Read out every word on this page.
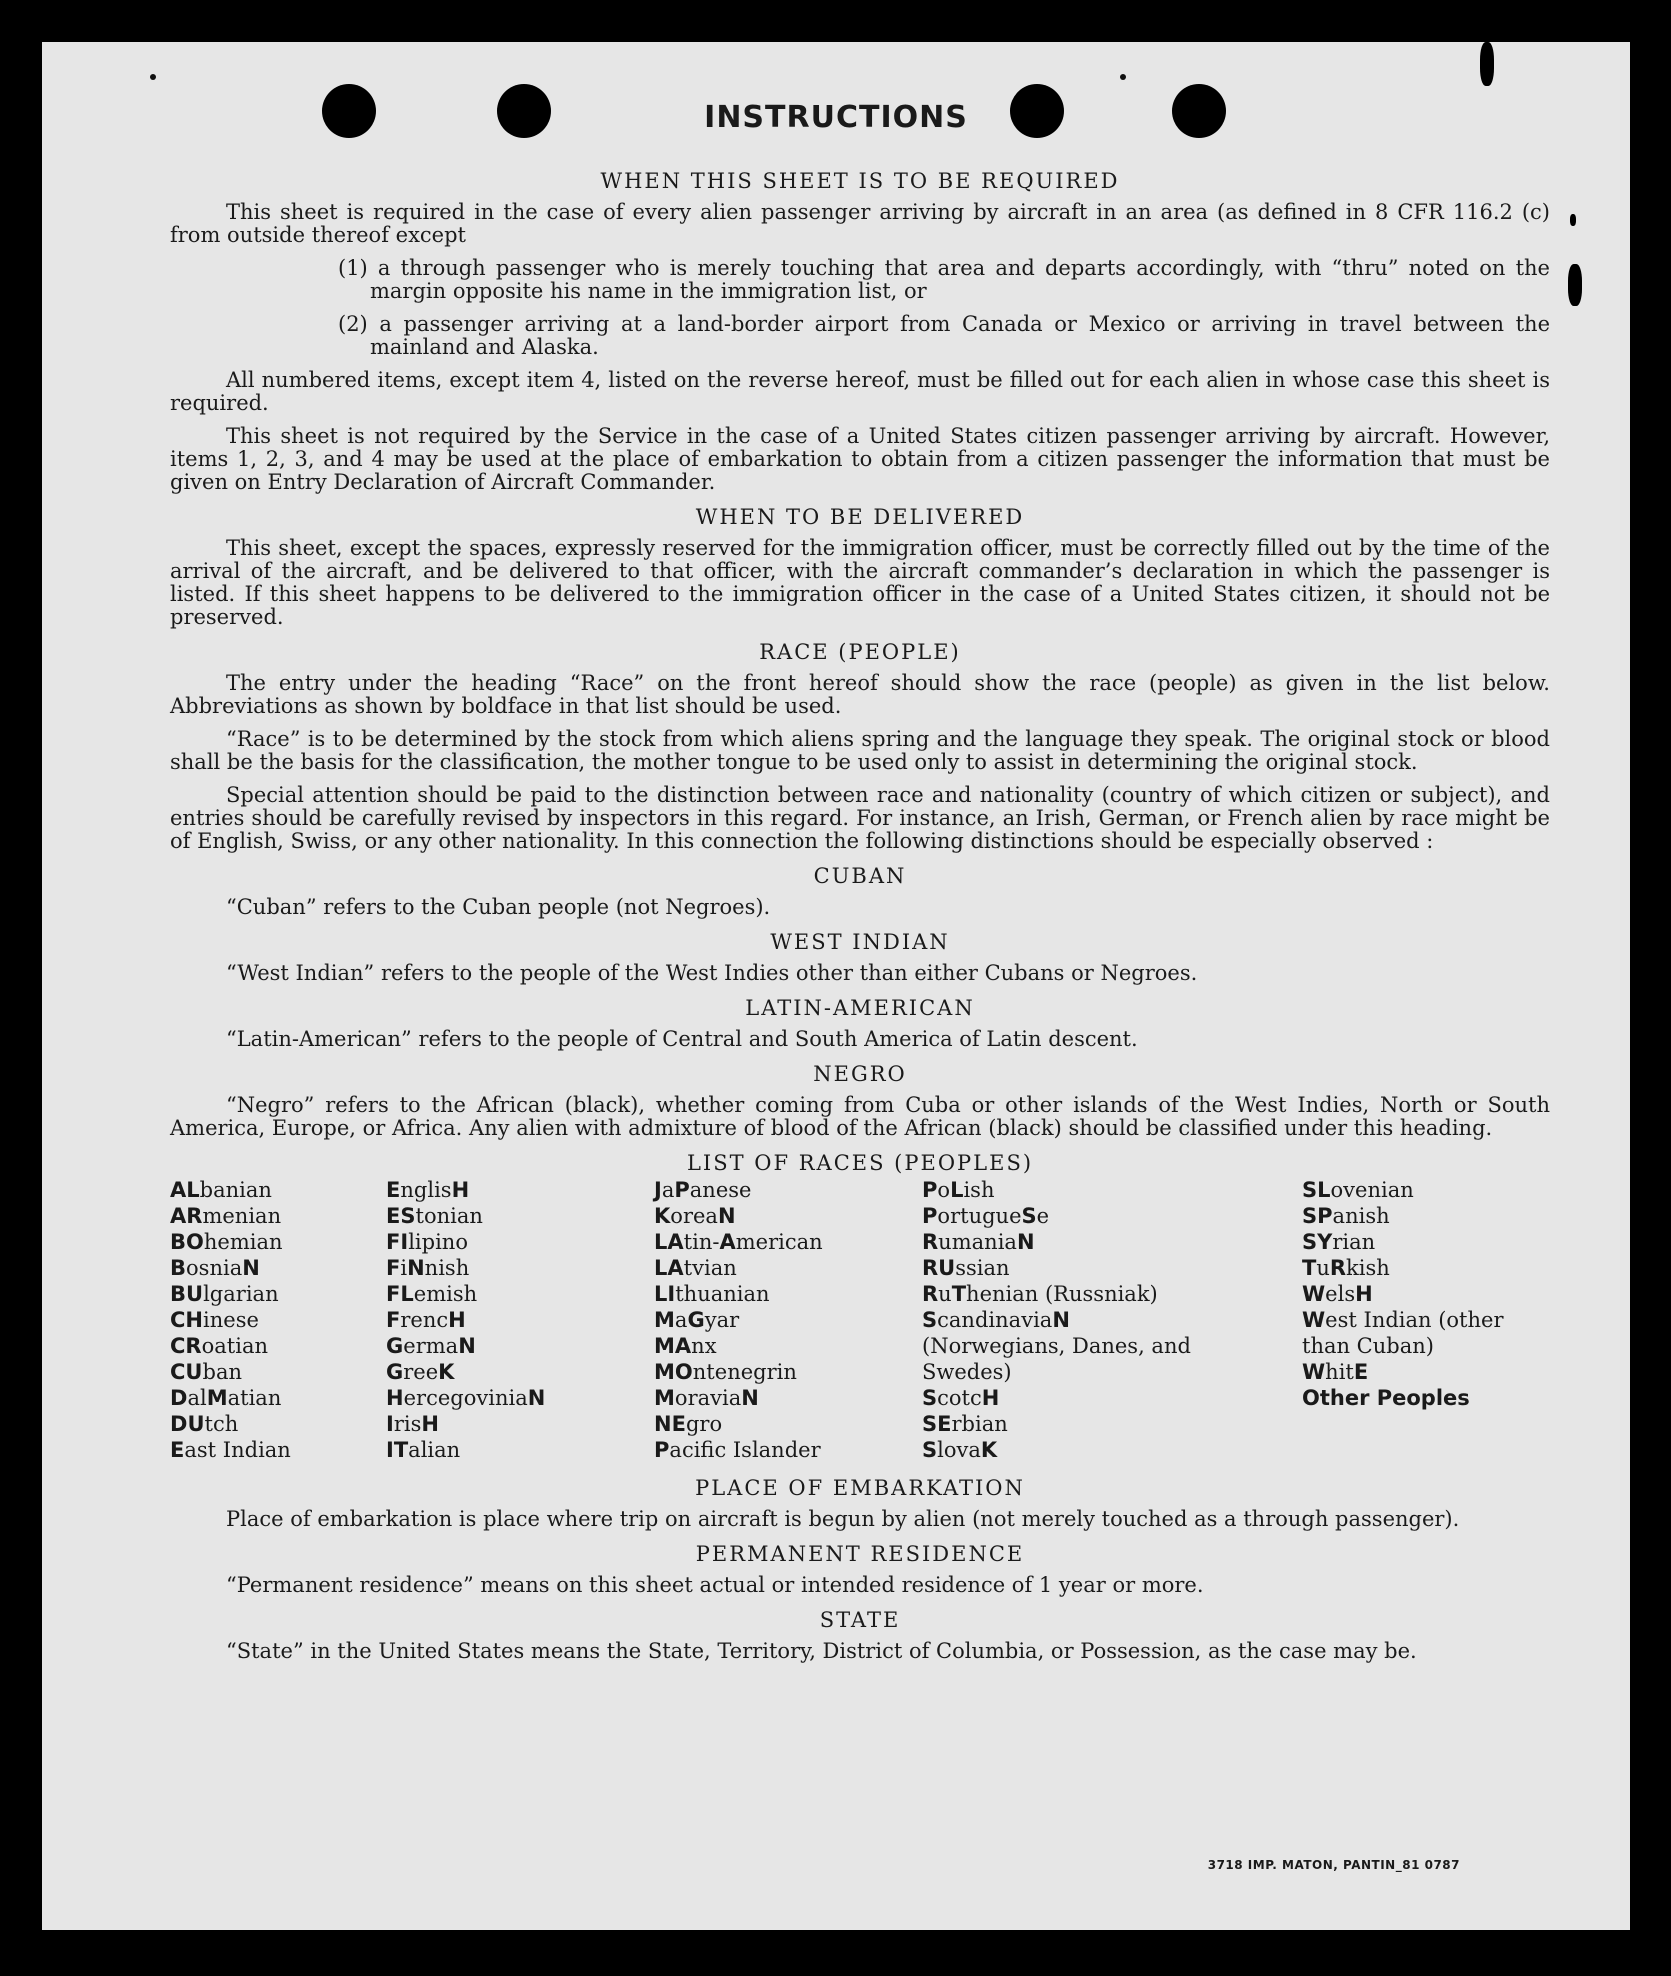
INSTRUCTIONS
WHEN THIS SHEET IS TO BE REQUIRED

This sheet is required in the case of every alien passenger arriving by aircraft in an area (as defined in 8 CFR 116.2 (c) from outside thereof except

(1) a through passenger who is merely touching that area and departs accordingly, with “thru” noted on the margin opposite his name in the immigration list, or

(2) a passenger arriving at a land-border airport from Canada or Mexico or arriving in travel between the mainland and Alaska.

All numbered items, except item 4, listed on the reverse hereof, must be filled out for each alien in whose case this sheet is required.

This sheet is not required by the Service in the case of a United States citizen passenger arriving by aircraft. However, items 1, 2, 3, and 4 may be used at the place of embarkation to obtain from a citizen passenger the information that must be given on Entry Declaration of Aircraft Commander.

WHEN TO BE DELIVERED

This sheet, except the spaces, expressly reserved for the immigration officer, must be correctly filled out by the time of the arrival of the aircraft, and be delivered to that officer, with the aircraft commander’s declaration in which the passenger is listed. If this sheet happens to be delivered to the immigration officer in the case of a United States citizen, it should not be preserved.

RACE (PEOPLE)

The entry under the heading “Race” on the front hereof should show the race (people) as given in the list below. Abbreviations as shown by boldface in that list should be used.

“Race” is to be determined by the stock from which aliens spring and the language they speak. The original stock or blood shall be the basis for the classification, the mother tongue to be used only to assist in determining the original stock.

Special attention should be paid to the distinction between race and nationality (country of which citizen or subject), and entries should be carefully revised by inspectors in this regard. For instance, an Irish, German, or French alien by race might be of English, Swiss, or any other nationality. In this connection the following distinctions should be especially observed :

CUBAN

“Cuban” refers to the Cuban people (not Negroes).

WEST INDIAN

“West Indian” refers to the people of the West Indies other than either Cubans or Negroes.

LATIN-AMERICAN

“Latin-American” refers to the people of Central and South America of Latin descent.

NEGRO

“Negro” refers to the African (black), whether coming from Cuba or other islands of the West Indies, North or South America, Europe, or Africa. Any alien with admixture of blood of the African (black) should be classified under this heading.

LIST OF RACES (PEOPLES)
ALbanian
ARmenian
BOhemian
BosniaN
BUlgarian
CHinese
CRoatian
CUban
DalMatian
DUtch
East Indian
EnglisH
EStonian
FIlipino
FiNnish
FLemish
FrencH
GermaN
GreeK
HercegoviniaN
IrisH
ITalian
JaPanese
KoreaN
LAtin-American
LAtvian
LIthuanian
MaGyar
MAnx
MOntenegrin
MoraviaN
NEgro
Pacifc Islander
PoLish
PortugueSe
RumaniaN
RUssian
RuThenian (Russniak)
ScandinaviaN (Norwegians, Danes, and Swedes)
ScotcH
SErbian
SlovaK
SLovenian
SPanish
SYrian
TuRkish
WelsH
West Indian (other than Cuban)
WhitE
Other Peoples
PLACE OF EMBARKATION

Place of embarkation is place where trip on aircraft is begun by alien (not merely touched as a through passenger).

PERMANENT RESIDENCE

“Permanent residence” means on this sheet actual or intended residence of 1 year or more.

STATE

“State” in the United States means the State, Territory, District of Columbia, or Possession, as the case may be.

3718 IMP. MATON, PANTIN_81 0787
